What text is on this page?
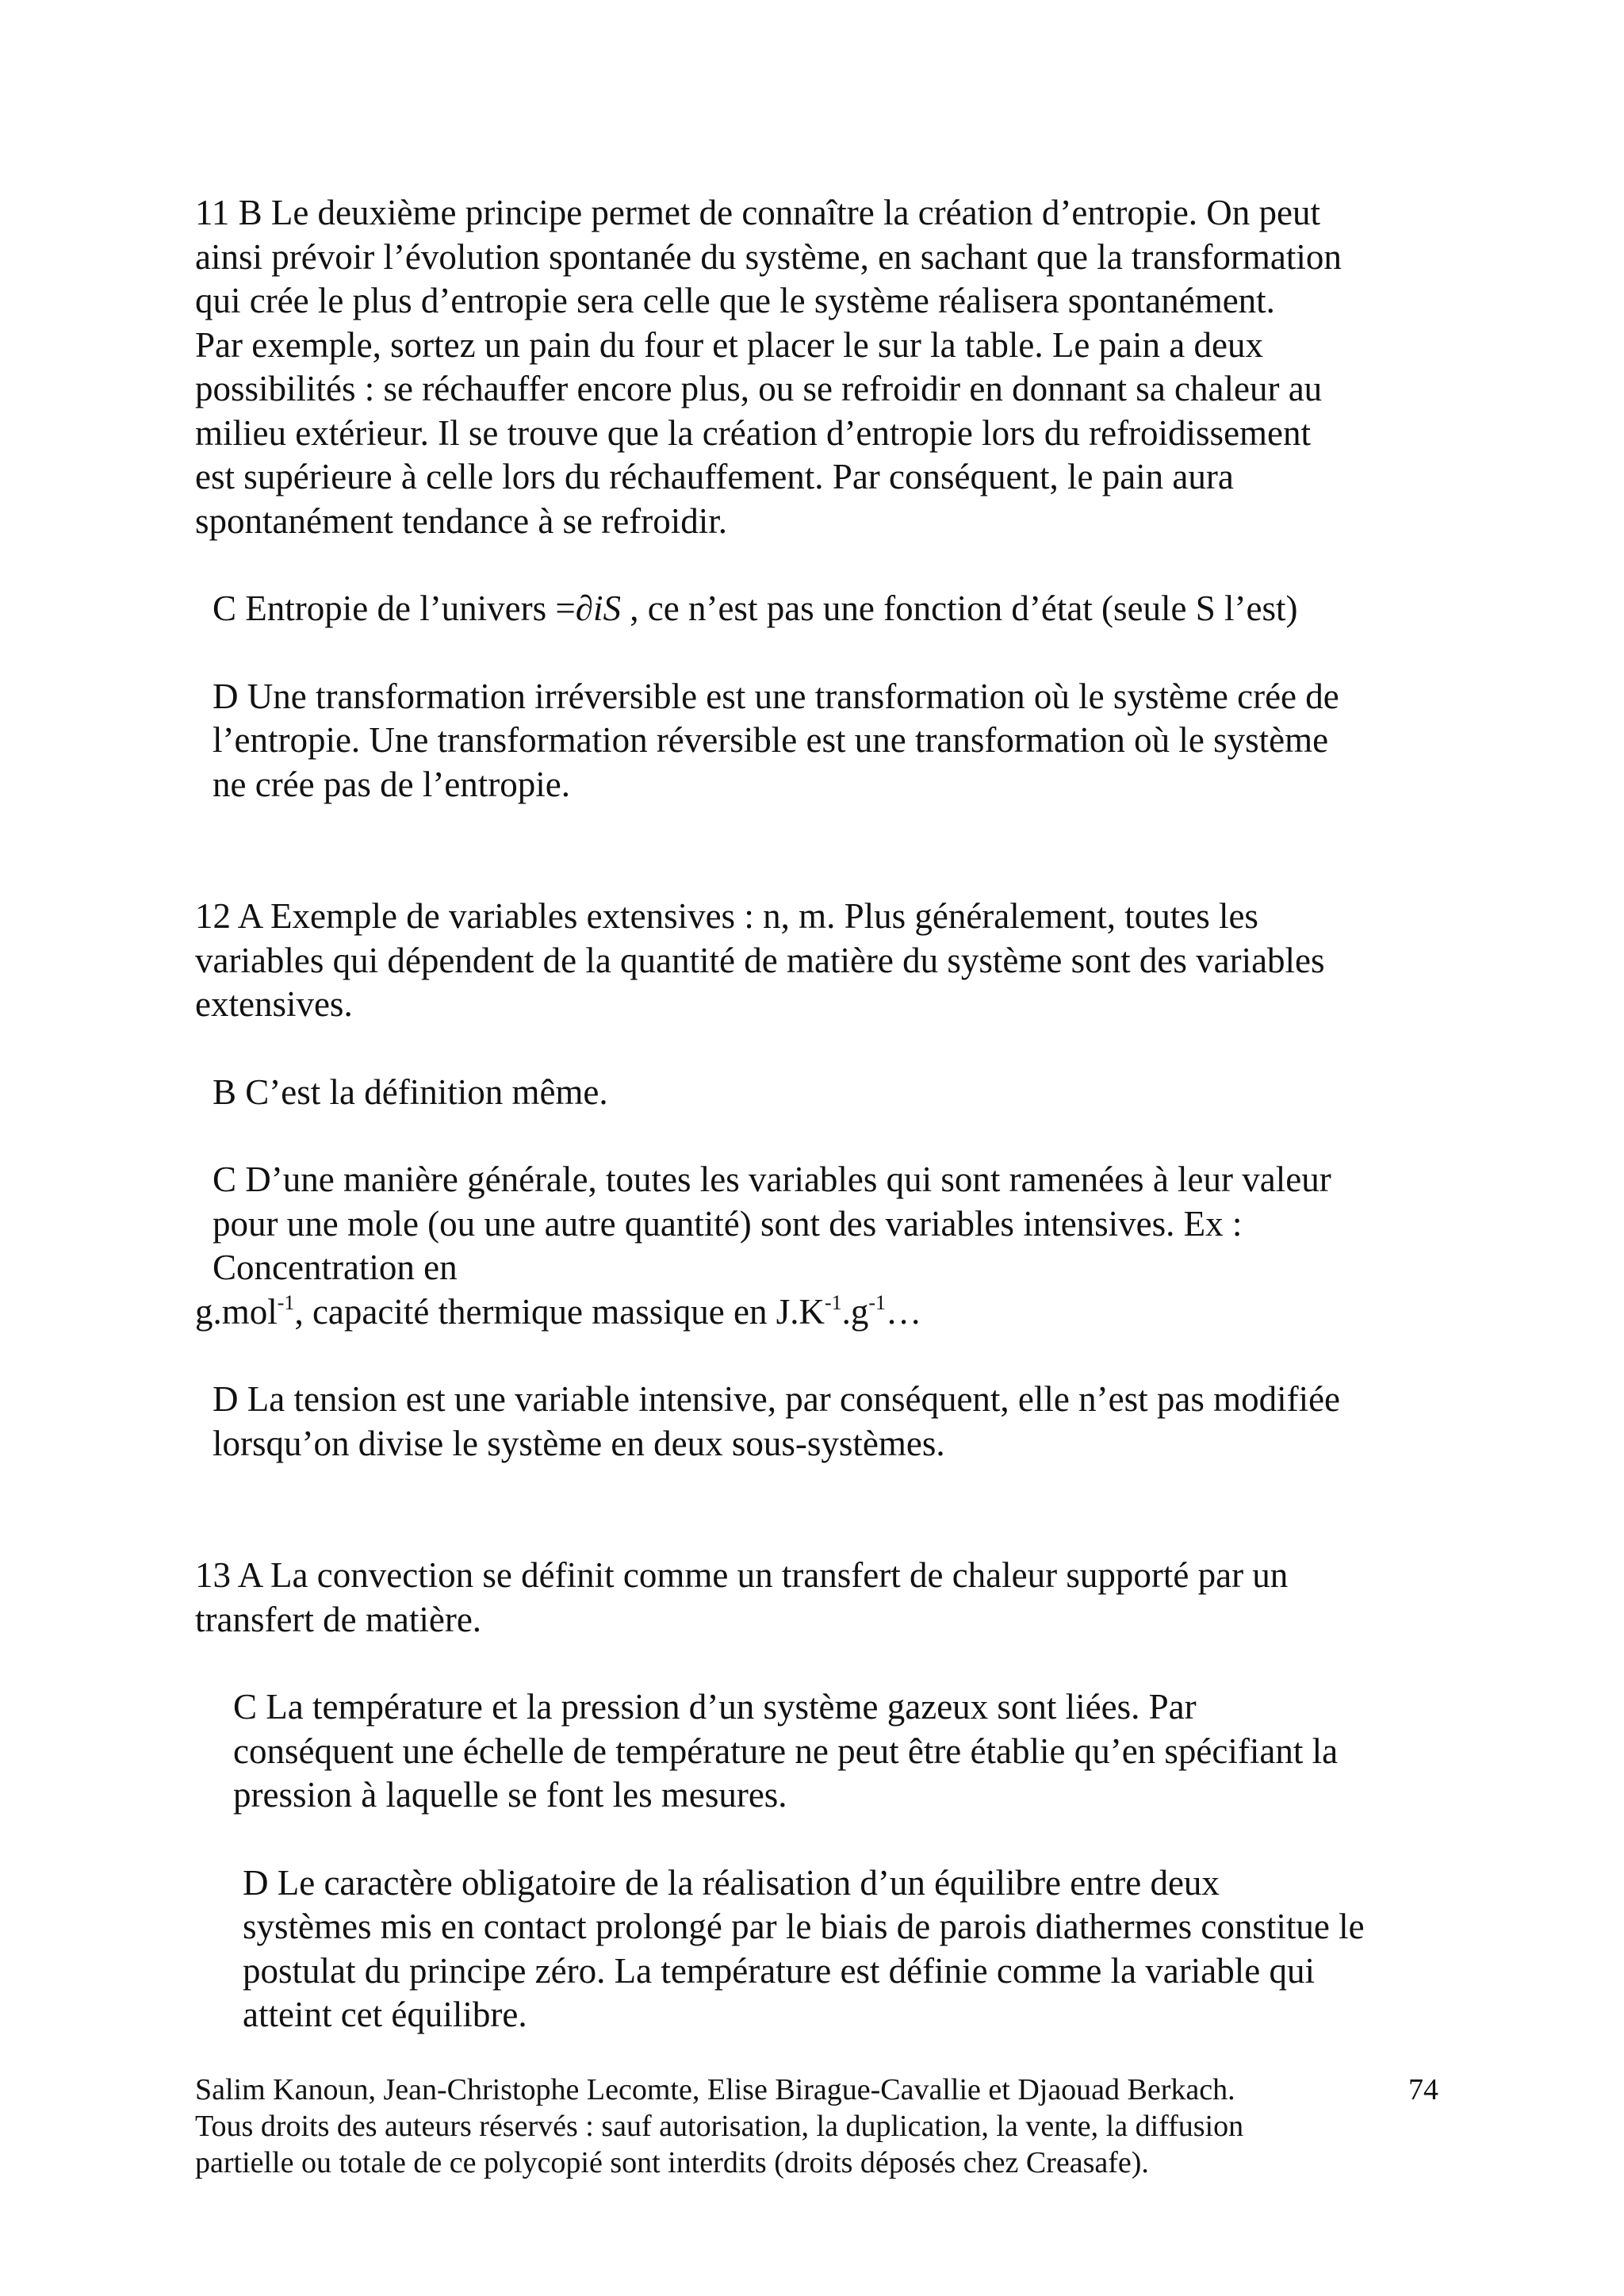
11 B Le deuxième principe permet de connaître la création d’entropie. On peut
ainsi prévoir l’évolution spontanée du système, en sachant que la transformation
qui crée le plus d’entropie sera celle que le système réalisera spontanément.
Par exemple, sortez un pain du four et placer le sur la table. Le pain a deux
possibilités : se réchauffer encore plus, ou se refroidir en donnant sa chaleur au
milieu extérieur. Il se trouve que la création d’entropie lors du refroidissement
est supérieure à celle lors du réchauffement. Par conséquent, le pain aura
spontanément tendance à se refroidir.

C Entropie de l’univers =∂iS , ce n’est pas une fonction d’état (seule S l’est)

D Une transformation irréversible est une transformation où le système crée de
l’entropie. Une transformation réversible est une transformation où le système
ne crée pas de l’entropie.

12 A Exemple de variables extensives : n, m. Plus généralement, toutes les
variables qui dépendent de la quantité de matière du système sont des variables
extensives.

B C’est la définition même.

C D’une manière générale, toutes les variables qui sont ramenées à leur valeur
pour une mole (ou une autre quantité) sont des variables intensives. Ex :
Concentration en

g.mol$^{-1}$, capacité thermique massique en $J.K^{-1}.g^{-1}\dots$

D La tension est une variable intensive, par conséquent, elle n’est pas modifiée
lorsqu’on divise le système en deux sous-systèmes.

13 A La convection se définit comme un transfert de chaleur supporté par un
transfert de matière.

C La température et la pression d’un système gazeux sont liées. Par
conséquent une échelle de température ne peut être établie qu’en spécifiant la
pression à laquelle se font les mesures.

D Le caractère obligatoire de la réalisation d’un équilibre entre deux
systèmes mis en contact prolongé par le biais de parois diathermes constitue le
postulat du principe zéro. La température est définie comme la variable qui
atteint cet équilibre.

Salim Kanoun, Jean-Christophe Lecomte, Elise Birague-Cavallie et Djaouad Berkach.
Tous droits des auteurs réservés : sauf autorisation, la duplication, la vente, la diffusion
partielle ou totale de ce polycopié sont interdits (droits déposés chez Creasafe).
74
